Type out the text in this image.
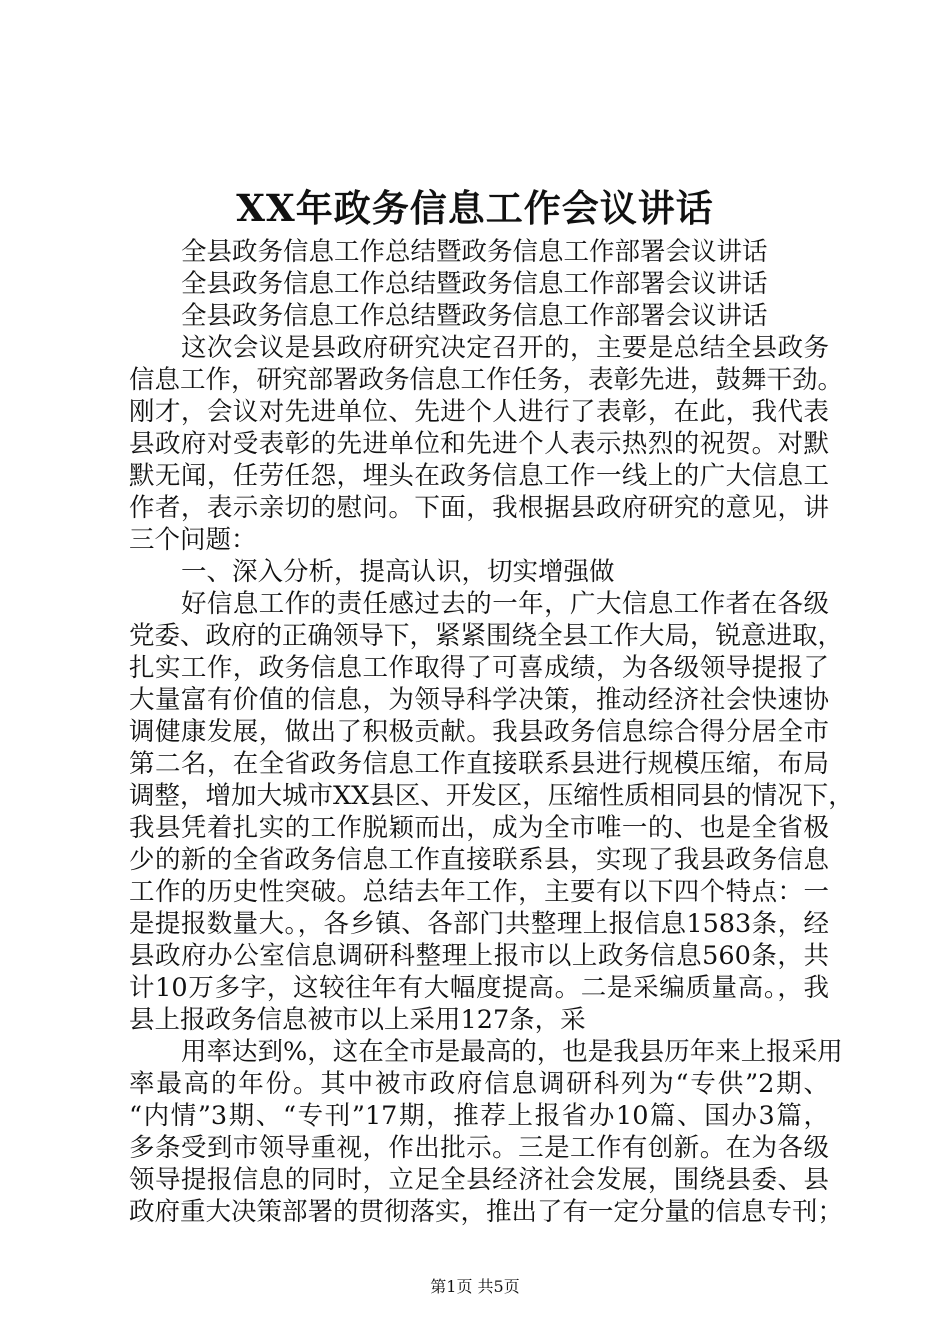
XX年政务信息工作会议讲话
全县政务信息工作总结暨政务信息工作部署会议讲话
全县政务信息工作总结暨政务信息工作部署会议讲话
全县政务信息工作总结暨政务信息工作部署会议讲话
这次会议是县政府研究决定召开的，主要是总结全县政务
信息工作，研究部署政务信息工作任务，表彰先进，鼓舞干劲。
刚才，会议对先进单位、先进个人进行了表彰，在此，我代表
县政府对受表彰的先进单位和先进个人表示热烈的祝贺。对默
默无闻，任劳任怨，埋头在政务信息工作一线上的广大信息工
作者，表示亲切的慰问。下面，我根据县政府研究的意见，讲
三个问题：
一、深入分析，提高认识，切实增强做
好信息工作的责任感过去的一年，广大信息工作者在各级
党委、政府的正确领导下，紧紧围绕全县工作大局，锐意进取，
扎实工作，政务信息工作取得了可喜成绩，为各级领导提报了
大量富有价值的信息，为领导科学决策，推动经济社会快速协
调健康发展，做出了积极贡献。我县政务信息综合得分居全市
第二名，在全省政务信息工作直接联系县进行规模压缩，布局
调整，增加大城市XX县区、开发区，压缩性质相同县的情况下，
我县凭着扎实的工作脱颖而出，成为全市唯一的、也是全省极
少的新的全省政务信息工作直接联系县，实现了我县政务信息
工作的历史性突破。总结去年工作，主要有以下四个特点：一
是提报数量大。，各乡镇、各部门共整理上报信息1583条，经
县政府办公室信息调研科整理上报市以上政务信息560条，共
计10万多字，这较往年有大幅度提高。二是采编质量高。，我
县上报政务信息被市以上采用127条，采
用率达到%，这在全市是最高的，也是我县历年来上报采用
率最高的年份。其中被市政府信息调研科列为“专供”2期、
“内情”3期、“专刊”17期，推荐上报省办10篇、国办3篇，
多条受到市领导重视，作出批示。三是工作有创新。在为各级
领导提报信息的同时，立足全县经济社会发展，围绕县委、县
政府重大决策部署的贯彻落实，推出了有一定分量的信息专刊；
第1页 共5页
